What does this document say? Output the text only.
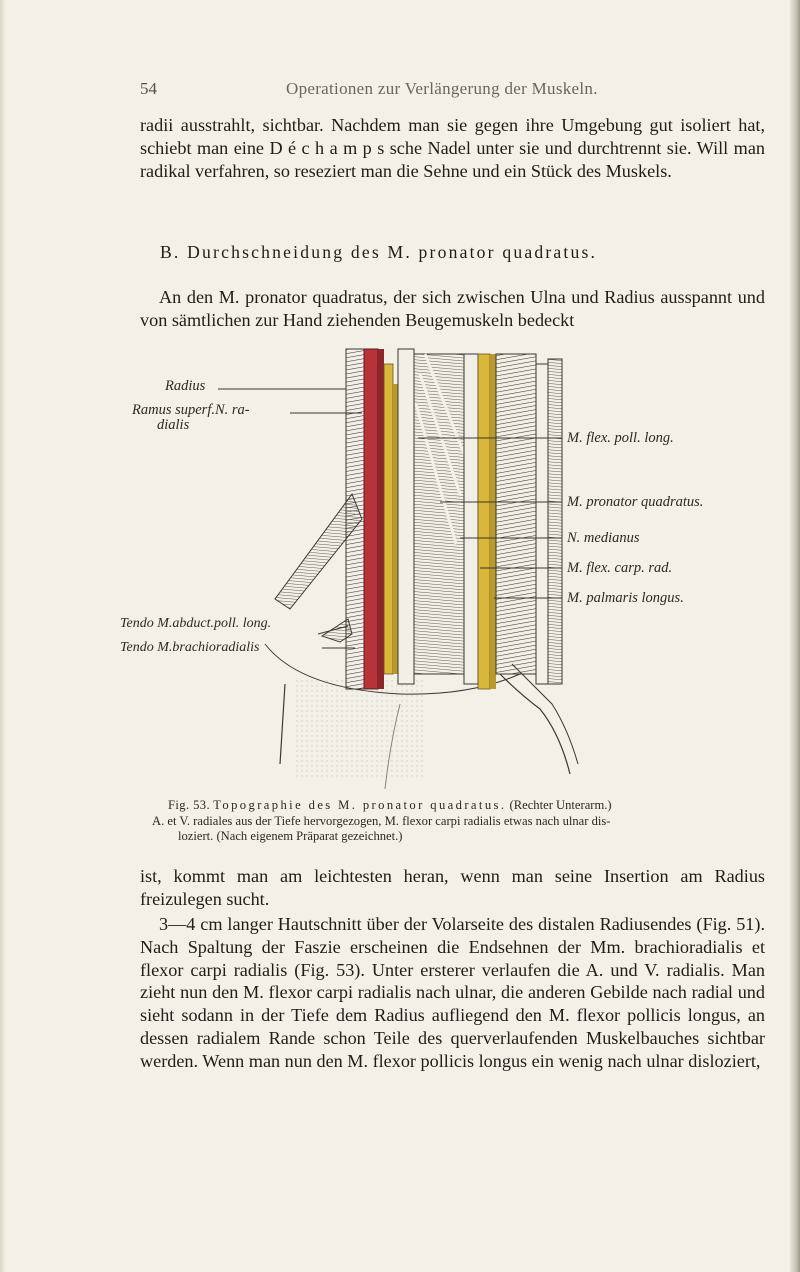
54	Operationen zur Verlängerung der Muskeln.

radii ausstrahlt, sichtbar. Nachdem man sie gegen ihre Umgebung gut isoliert hat, schiebt man eine D é c h a m p s sche Nadel unter sie und durchtrennt sie. Will man radikal verfahren, so reseziert man die Sehne und ein Stück des Muskels.

B. Durchschneidung des M. pronator quadratus.

An den M. pronator quadratus, der sich zwischen Ulna und Radius ausspannt und von sämtlichen zur Hand ziehenden Beugemuskeln bedeckt

Radius
Ramus superf.N. ra-
dialis
Tendo M.abduct.poll. long.
Tendo M.brachioradialis
M. flex. poll. long.
M. pronator quadratus.
N. medianus
M. flex. carp. rad.
M. palmaris longus.
Fig. 53. Topographie des M. pronator quadratus. (Rechter Unterarm.)
A. et V. radiales aus der Tiefe hervorgezogen, M. flexor carpi radialis etwas nach ulnar dis-
loziert. (Nach eigenem Präparat gezeichnet.)

ist, kommt man am leichtesten heran, wenn man seine Insertion am Radius freizulegen sucht.

3—4 cm langer Hautschnitt über der Volarseite des distalen Radiusendes (Fig. 51). Nach Spaltung der Faszie erscheinen die Endsehnen der Mm. brachioradialis et flexor carpi radialis (Fig. 53). Unter ersterer verlaufen die A. und V. radialis. Man zieht nun den M. flexor carpi radialis nach ulnar, die anderen Gebilde nach radial und sieht sodann in der Tiefe dem Radius aufliegend den M. flexor pollicis longus, an dessen radialem Rande schon Teile des querverlaufenden Muskelbauches sichtbar werden. Wenn man nun den M. flexor pollicis longus ein wenig nach ulnar disloziert,
